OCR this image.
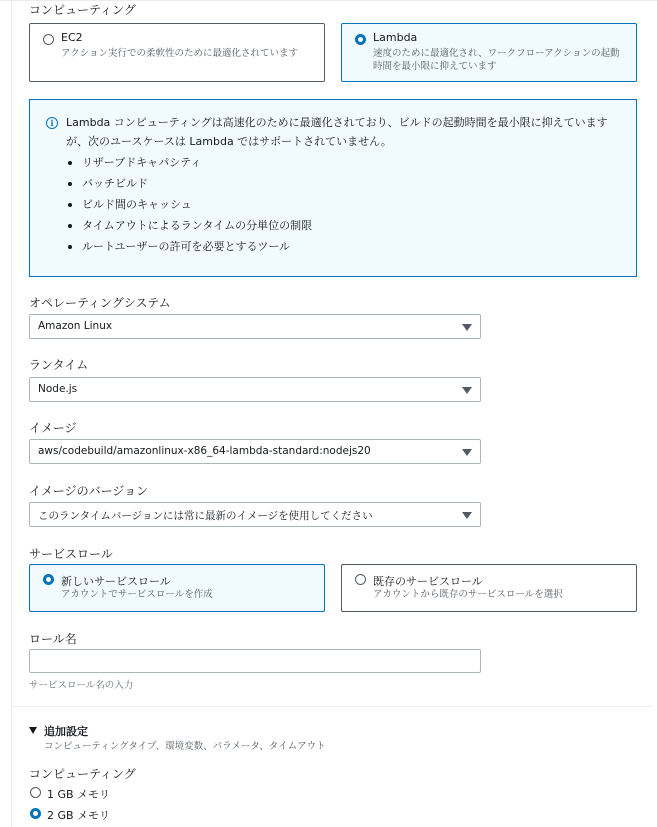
コンピューティング
EC2
アクション実行での柔軟性のために最適化されています
Lambda
速度のために最適化され、ワークフローアクションの起動
時間を最小限に抑えています
i	Lambda コンピューティングは高速化のために最適化されており、ビルドの起動時間を最小限に抑えています が、次のユースケースは Lambda ではサポートされていません。
リザーブドキャパシティ
バッチビルド
ビルド間のキャッシュ
タイムアウトによるランタイムの分単位の制限
ルートユーザーの許可を必要とするツール
オペレーティングシステム
Amazon Linux
ランタイム
Node.js
イメージ
aws/codebuild/amazonlinux-x86_64-lambda-standard:nodejs20
イメージのバージョン
このランタイムバージョンには常に最新のイメージを使用してください
サービスロール
新しいサービスロール
アカウントでサービスロールを作成
既存のサービスロール
アカウントから既存のサービスロールを選択
ロール名
サービスロール名の入力
追加設定
コンピューティングタイプ、環境変数、パラメータ、タイムアウト
コンピューティング
1 GB メモリ
2 GB メモリ
